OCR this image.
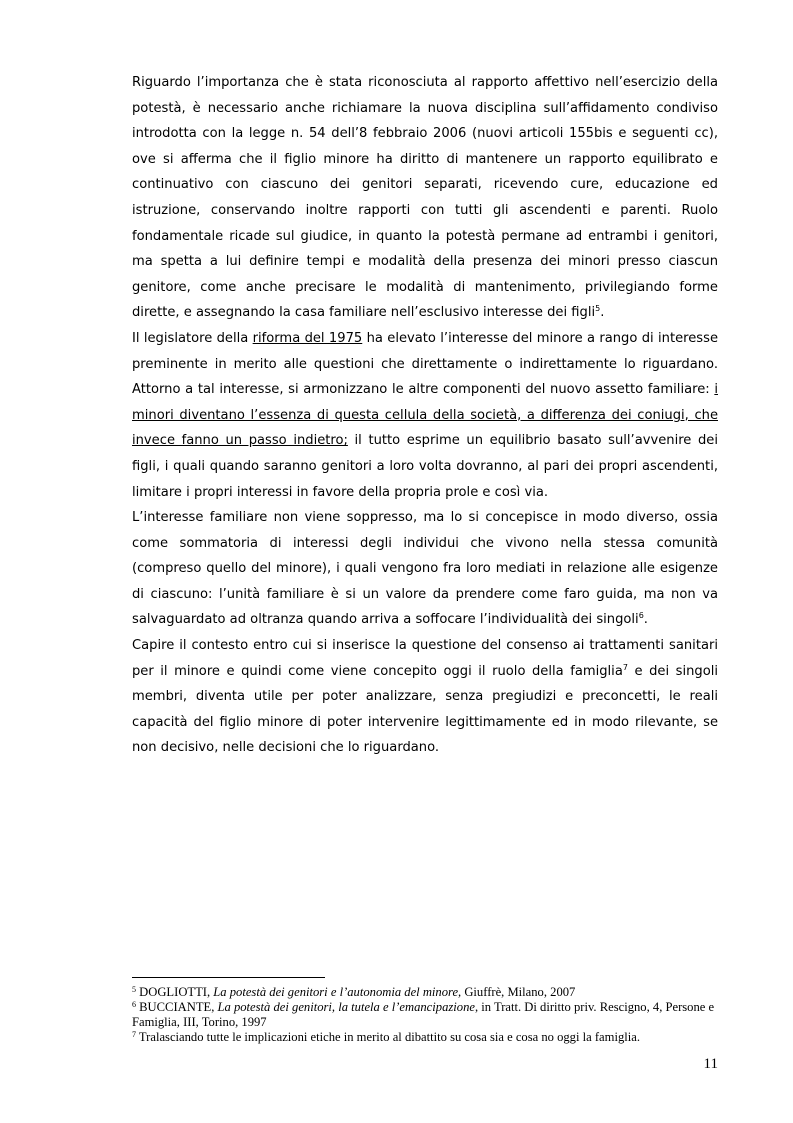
Riguardo l’importanza che è stata riconosciuta al rapporto affettivo nell’esercizio della potestà, è necessario anche richiamare la nuova disciplina sull’affidamento condiviso introdotta con la legge n. 54 dell’8 febbraio 2006 (nuovi articoli 155bis e seguenti cc), ove si afferma che il figlio minore ha diritto di mantenere un rapporto equilibrato e continuativo con ciascuno dei genitori separati, ricevendo cure, educazione ed istruzione, conservando inoltre rapporti con tutti gli ascendenti e parenti. Ruolo fondamentale ricade sul giudice, in quanto la potestà permane ad entrambi i genitori, ma spetta a lui definire tempi e modalità della presenza dei minori presso ciascun genitore, come anche precisare le modalità di mantenimento, privilegiando forme dirette, e assegnando la casa familiare nell’esclusivo interesse dei figli$^5$.

Il legislatore della riforma del 1975 ha elevato l’interesse del minore a rango di interesse preminente in merito alle questioni che direttamente o indirettamente lo riguardano. Attorno a tal interesse, si armonizzano le altre componenti del nuovo assetto familiare: i minori diventano l’essenza di questa cellula della società, a differenza dei coniugi, che invece fanno un passo indietro; il tutto esprime un equilibrio basato sull’avvenire dei figli, i quali quando saranno genitori a loro volta dovranno, al pari dei propri ascendenti, limitare i propri interessi in favore della propria prole e così via.

L’interesse familiare non viene soppresso, ma lo si concepisce in modo diverso, ossia come sommatoria di interessi degli individui che vivono nella stessa comunità (compreso quello del minore), i quali vengono fra loro mediati in relazione alle esigenze di ciascuno: l’unità familiare è si un valore da prendere come faro guida, ma non va salvaguardato ad oltranza quando arriva a soffocare l’individualità dei singoli$^6$.

Capire il contesto entro cui si inserisce la questione del consenso ai trattamenti sanitari per il minore e quindi come viene concepito oggi il ruolo della famiglia$^7$ e dei singoli membri, diventa utile per poter analizzare, senza pregiudizi e preconcetti, le reali capacità del figlio minore di poter intervenire legittimamente ed in modo rilevante, se non decisivo, nelle decisioni che lo riguardano.

$^5$ DOGLIOTTI, La potestà dei genitori e l’autonomia del minore, Giuffrè, Milano, 2007

$^6$ BUCCIANTE, La potestà dei genitori, la tutela e l’emancipazione, in Tratt. Di diritto priv. Rescigno, 4, Persone e Famiglia, III, Torino, 1997

$^7$ Tralasciando tutte le implicazioni etiche in merito al dibattito su cosa sia e cosa no oggi la famiglia.

11
